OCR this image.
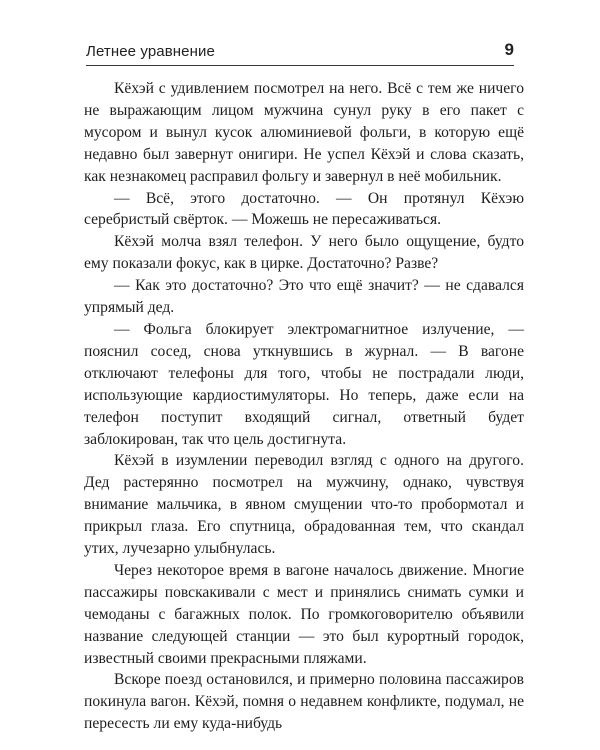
Летнее уравнение	9

Кёхэй с удивлением посмотрел на него. Всё с тем же ничего не выражающим лицом мужчина сунул руку в его пакет с мусором и вынул кусок алюминиевой фольги, в которую ещё недавно был завернут онигири. Не успел Кёхэй и слова сказать, как незнакомец расправил фольгу и завернул в неё мобильник.

— Всё, этого достаточно. — Он протянул Кёхэю серебристый свёрток. — Можешь не пересаживаться.

Кёхэй молча взял телефон. У него было ощущение, будто ему показали фокус, как в цирке. Достаточно? Разве?

— Как это достаточно? Это что ещё значит? — не сдавался упрямый дед.

— Фольга блокирует электромагнитное излучение, — пояснил сосед, снова уткнувшись в журнал. — В вагоне отключают телефоны для того, чтобы не пострадали люди, использующие кардиостимуляторы. Но теперь, даже если на телефон поступит входящий сигнал, ответный будет заблокирован, так что цель достигнута.

Кёхэй в изумлении переводил взгляд с одного на другого. Дед растерянно посмотрел на мужчину, однако, чувствуя внимание мальчика, в явном смущении что-то пробормотал и прикрыл глаза. Его спутница, обрадованная тем, что скандал утих, лучезарно улыбнулась.

Через некоторое время в вагоне началось движение. Многие пассажиры повскакивали с мест и принялись снимать сумки и чемоданы с багажных полок. По громкоговорителю объявили название следующей станции — это был курортный городок, известный своими прекрасными пляжами.

Вскоре поезд остановился, и примерно половина пассажиров покинула вагон. Кёхэй, помня о недавнем конфликте, подумал, не пересесть ли ему куда-нибудь
